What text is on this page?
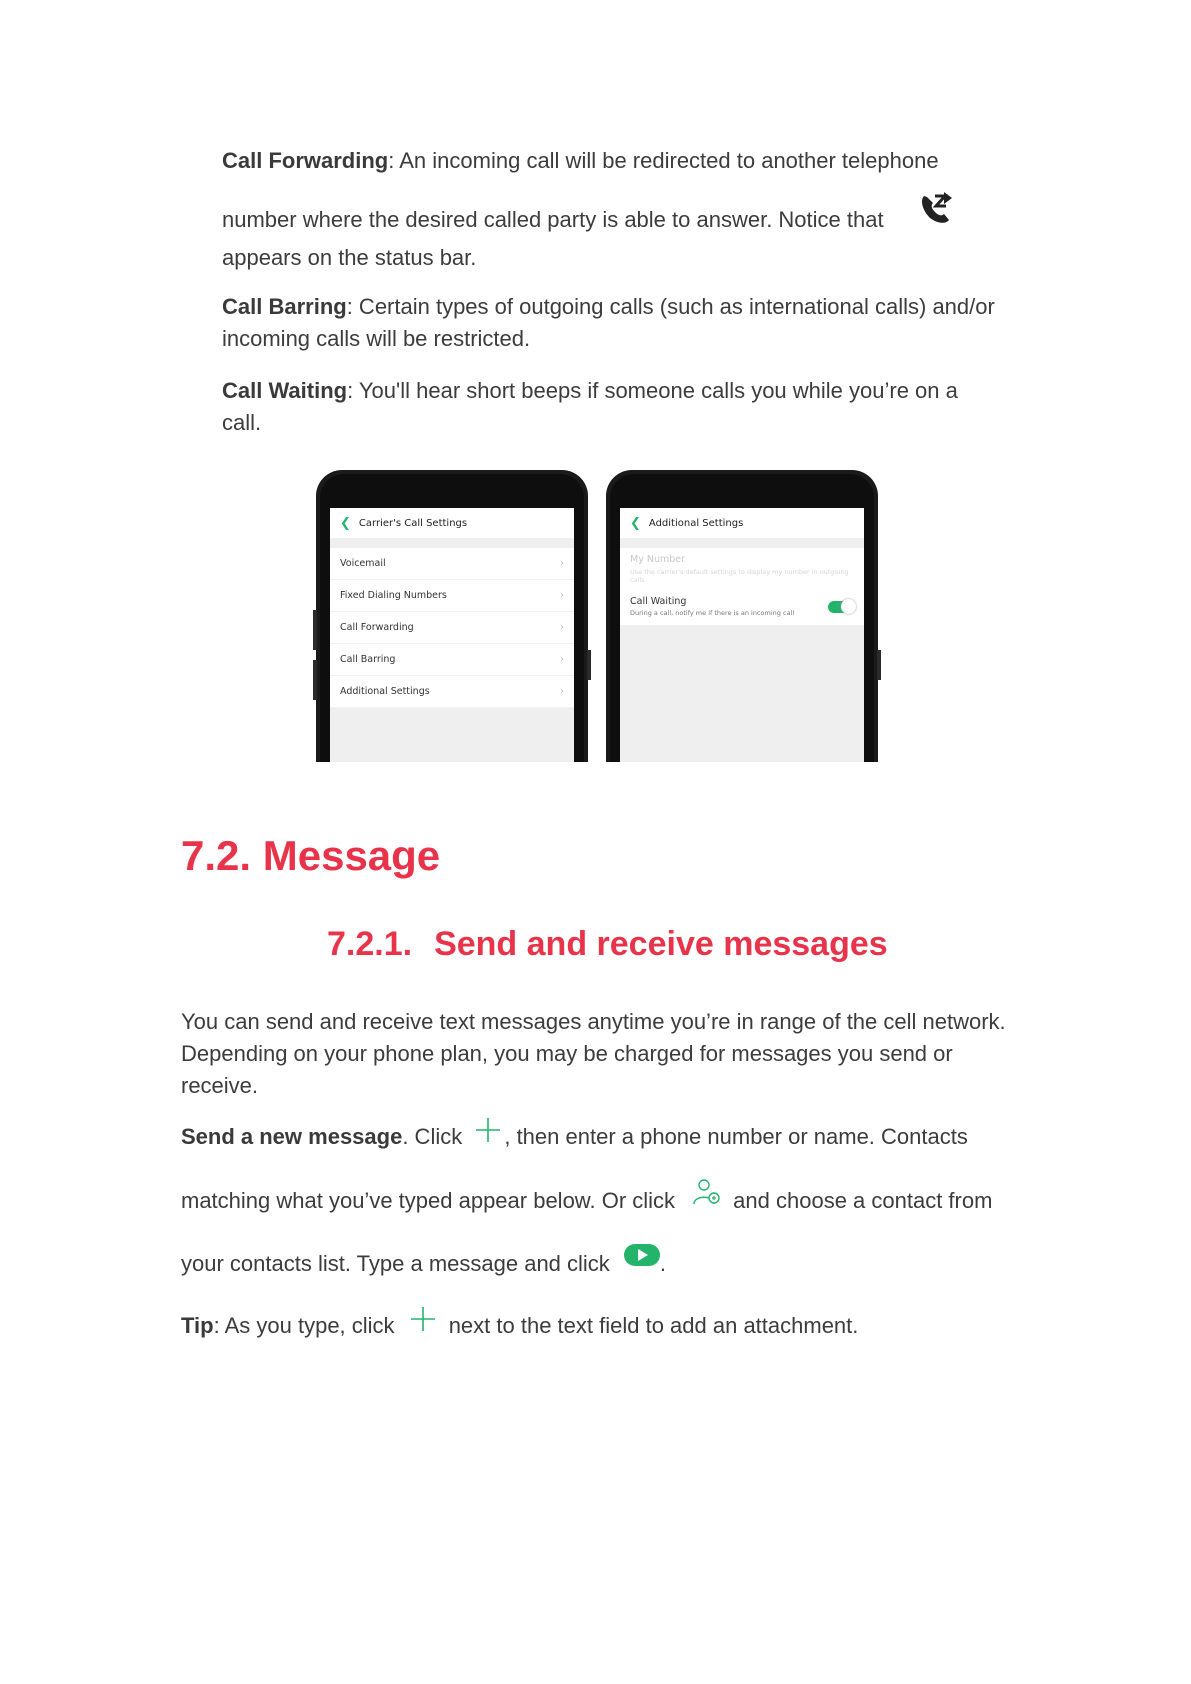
Call Forwarding: An incoming call will be redirected to another telephone
number where the desired called party is able to answer. Notice that
appears on the status bar.
Call Barring: Certain types of outgoing calls (such as international calls) and/or
incoming calls will be restricted.
Call Waiting: You'll hear short beeps if someone calls you while you’re on a
call.
❮ Carrier's Call Settings
Voicemail	›
Fixed Dialing Numbers	›
Call Forwarding	›
Call Barring	›
Additional Settings	›
❮ Additional Settings
My Number
Use the carrier's default settings to display my number in outgoing calls
Call Waiting
During a call, notify me if there is an incoming call
7.2. Message
7.2.1. Send and receive messages
You can send and receive text messages anytime you’re in range of the cell network.
Depending on your phone plan, you may be charged for messages you send or
receive.
Send a new message. Click , then enter a phone number or name. Contacts
matching what you’ve typed appear below. Or click	and choose a contact from
your contacts list. Type a message and click .
Tip: As you type, click next to the text field to add an attachment.
